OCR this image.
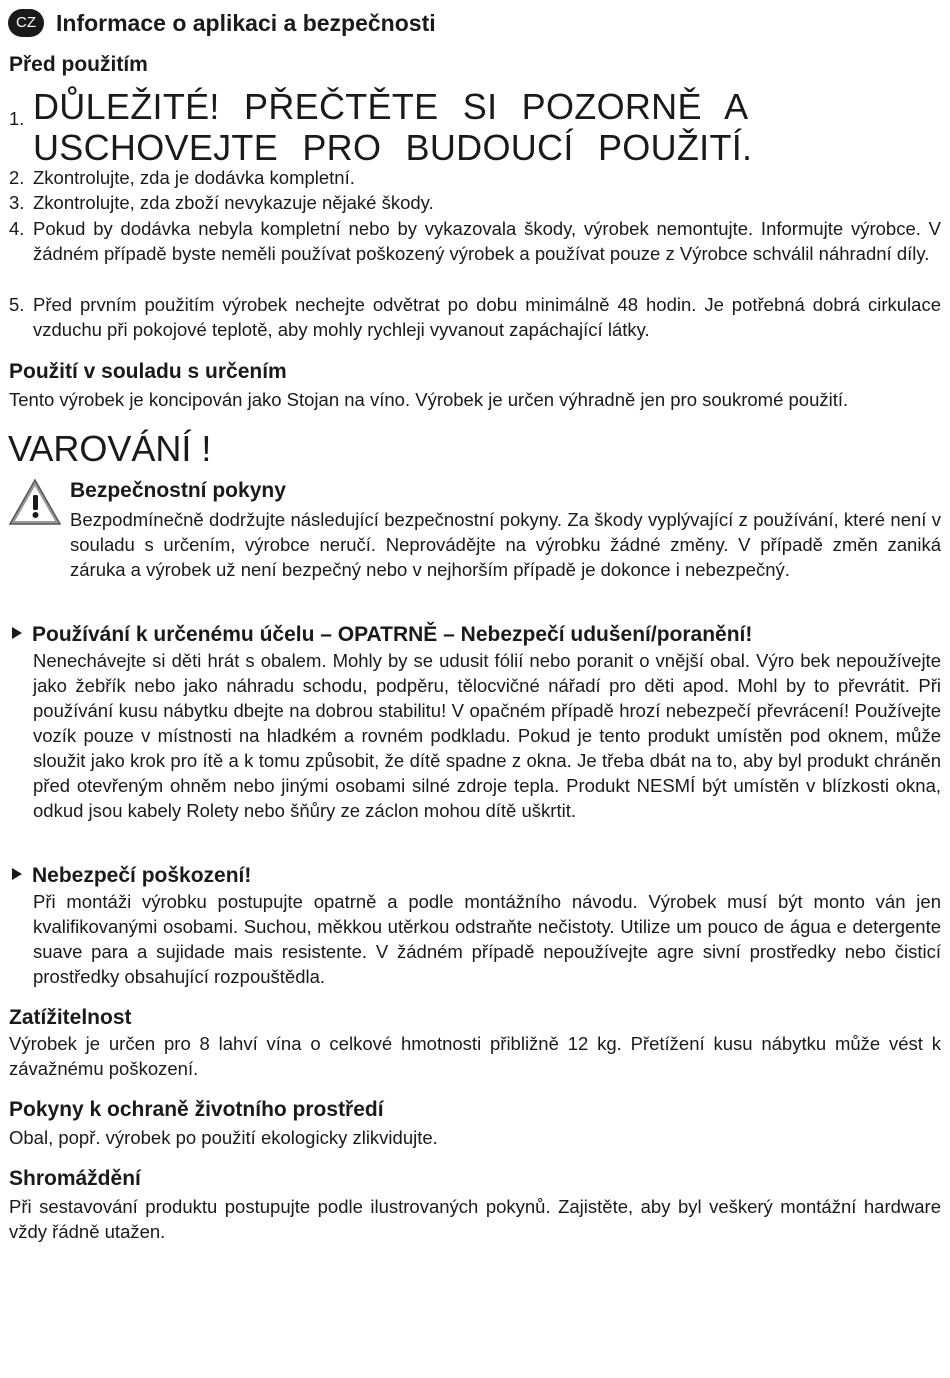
CZ Informace o aplikaci a bezpečnosti
Před použitím
1. DŮLEŽITÉ! PŘEČTĚTE SI POZORNĚ A USCHOVEJTE PRO BUDOUCÍ POUŽITÍ.
2. Zkontrolujte, zda je dodávka kompletní.
3. Zkontrolujte, zda zboží nevykazuje nějaké škody.
4. Pokud by dodávka nebyla kompletní nebo by vykazovala škody, výrobek nemontujte. Informujte výrobce. V žádném případě byste neměli používat poškozený výrobek a používat pouze z Výrobce schválil náhradní díly.
5. Před prvním použitím výrobek nechejte odvětrat po dobu minimálně 48 hodin. Je potřebná dobrá cirkulace vzduchu při pokojové teplotě, aby mohly rychleji vyvanout zapáchající látky.
Použití v souladu s určením
Tento výrobek je koncipován jako Stojan na víno. Výrobek je určen výhradně jen pro soukromé použití.
VAROVÁNÍ !
Bezpečnostní pokyny
Bezpodmínečně dodržujte následující bezpečnostní pokyny. Za škody vyplývající z používání, které není v souladu s určením, výrobce neručí. Neprovádějte na výrobku žádné změny. V případě změn zaniká záruka a výrobek už není bezpečný nebo v nejhorším případě je dokonce i nebezpečný.
Používání k určenému účelu – OPATRNĚ – Nebezpečí udušení/poranění!
Nenechávejte si děti hrát s obalem. Mohly by se udusit fólií nebo poranit o vnější obal. Výro bek nepoužívejte jako žebřík nebo jako náhradu schodu, podpěru, tělocvičné nářadí pro děti apod. Mohl by to převrátit. Při používání kusu nábytku dbejte na dobrou stabilitu! V opačném případě hrozí nebezpečí převrácení! Používejte vozík pouze v místnosti na hladkém a rovném podkladu. Pokud je tento produkt umístěn pod oknem, může sloužit jako krok pro ítě a k tomu způsobit, že dítě spadne z okna. Je třeba dbát na to, aby byl produkt chráněn před otevřeným ohněm nebo jinými osobami silné zdroje tepla. Produkt NESMÍ být umístěn v blízkosti okna, odkud jsou kabely Rolety nebo šňůry ze záclon mohou dítě uškrtit.
Nebezpečí poškození!
Při montáži výrobku postupujte opatrně a podle montážního návodu. Výrobek musí být monto ván jen kvalifikovanými osobami. Suchou, měkkou utěrkou odstraňte nečistoty. Utilize um pouco de água e detergente suave para a sujidade mais resistente. V žádném případě nepoužívejte agre sivní prostředky nebo čisticí prostředky obsahující rozpouštědla.
Zatížitelnost
Výrobek je určen pro 8 lahví vína o celkové hmotnosti přibližně 12 kg. Přetížení kusu nábytku může vést k závažnému poškození.
Pokyny k ochraně životního prostředí
Obal, popř. výrobek po použití ekologicky zlikvidujte.
Shromáždění
Při sestavování produktu postupujte podle ilustrovaných pokynů. Zajistěte, aby byl veškerý montážní hardware vždy řádně utažen.
